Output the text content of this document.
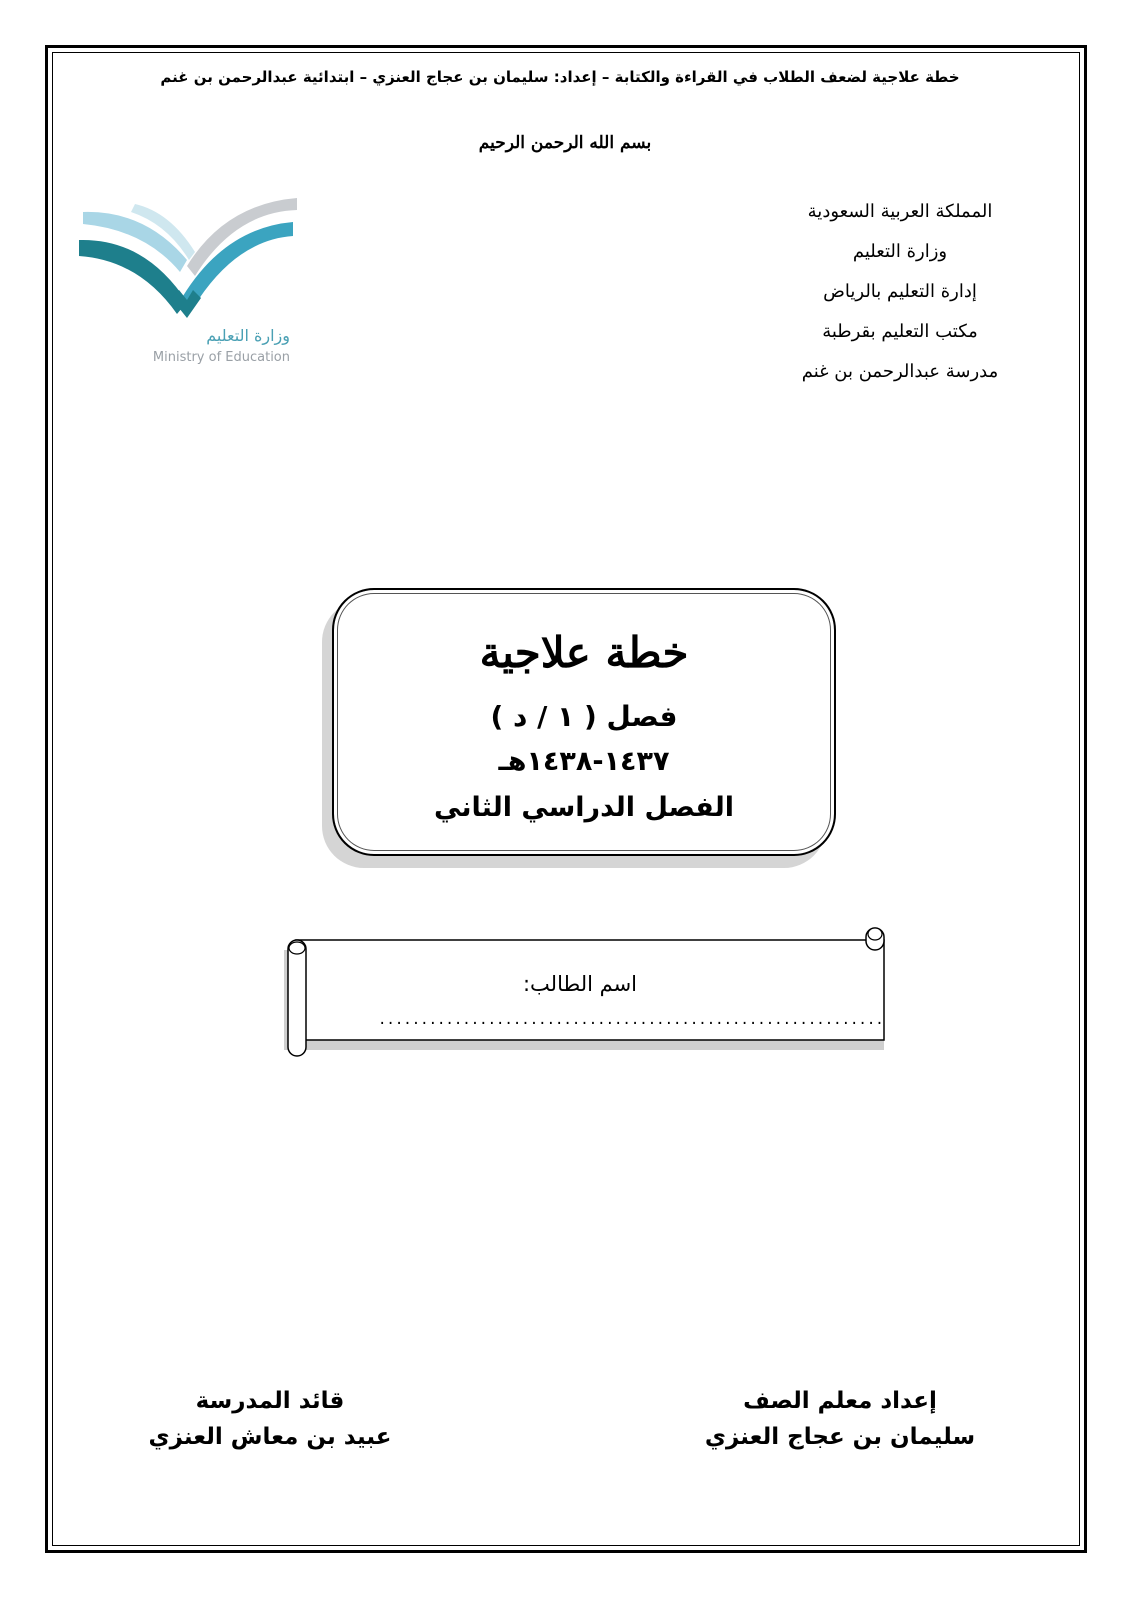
خطة علاجية لضعف الطلاب في القراءة والكتابة – إعداد: سليمان بن عجاج العنزي – ابتدائية عبدالرحمن بن غنم
بسم الله الرحمن الرحيم
المملكة العربية السعودية
وزارة التعليم
إدارة التعليم بالرياض
مكتب التعليم بقرطبة
مدرسة عبدالرحمن بن غنم
وزارة التعليم
Ministry of Education
خطة علاجية
فصل ( ١ / د )
١٤٣٧-١٤٣٨هـ
الفصل الدراسي الثاني
اسم الطالب:
............................................................
إعداد معلم الصف
سليمان بن عجاج العنزي
قائد المدرسة
عبيد بن معاش العنزي
